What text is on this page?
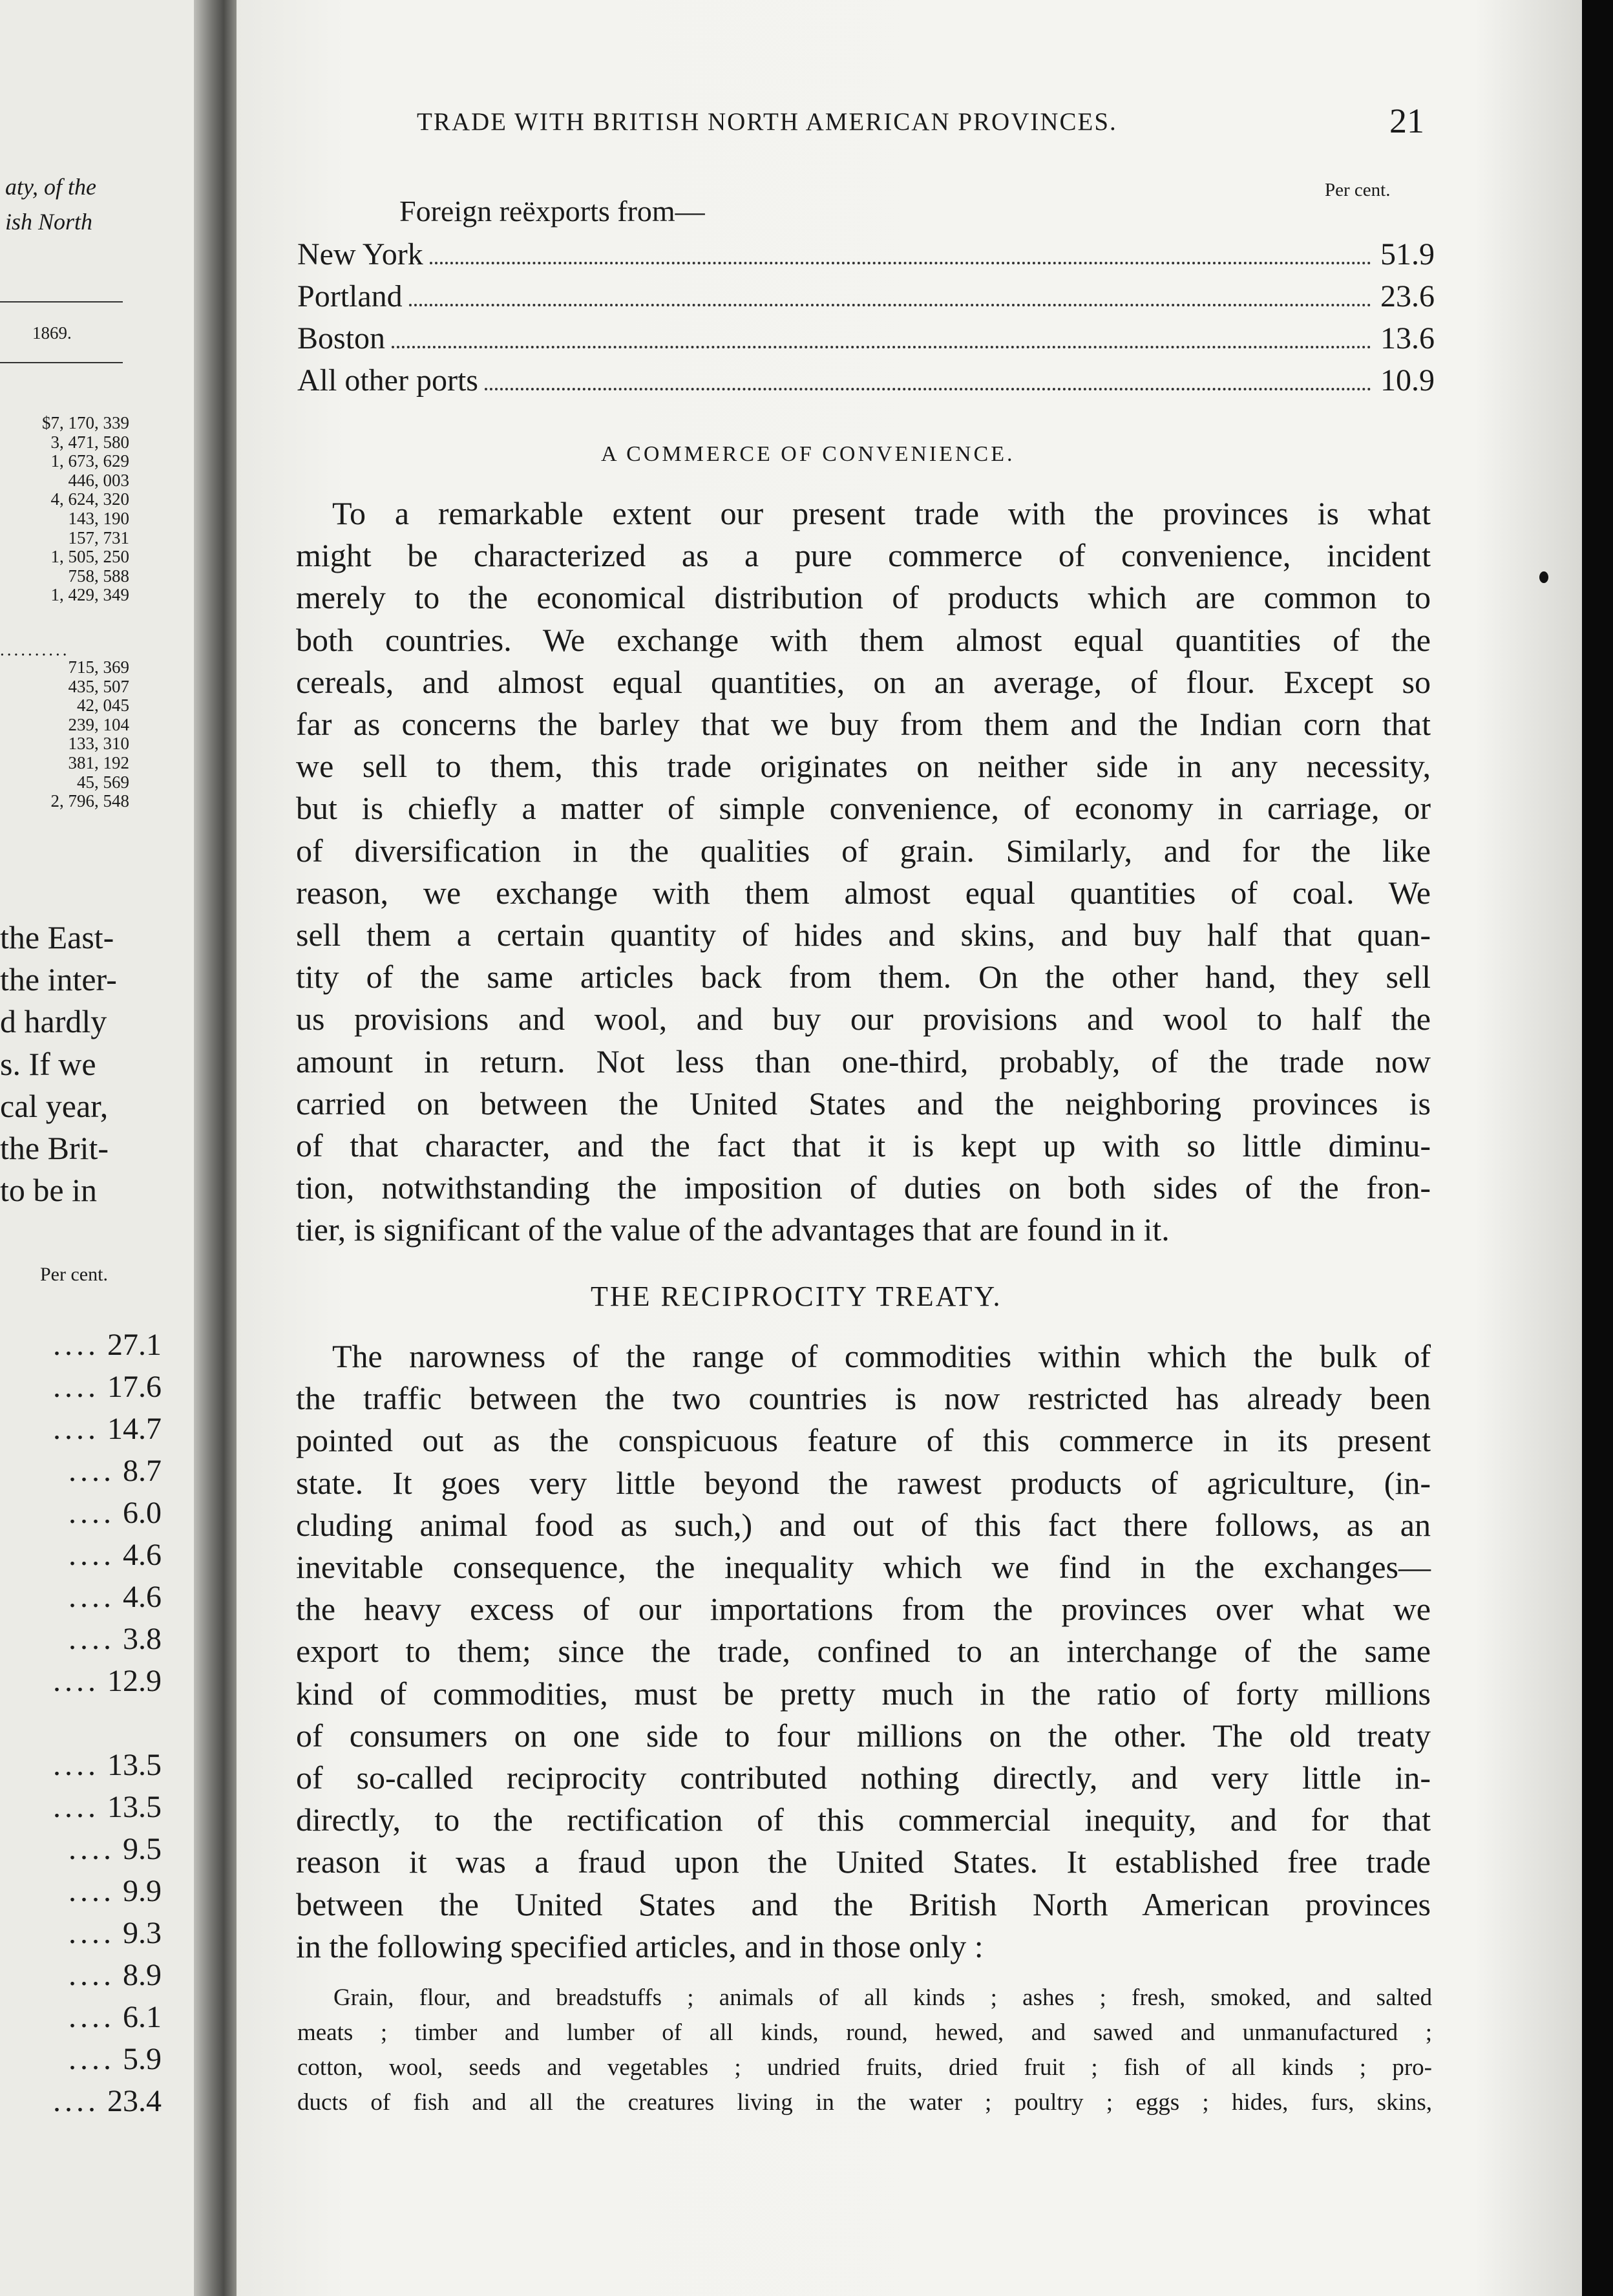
aty, of the
ish North
1869.
$7, 170, 339
3, 471, 580
1, 673, 629
446, 003
4, 624, 320
143, 190
157, 731
1, 505, 250
758, 588
1, 429, 349
..........
715, 369
435, 507
42, 045
239, 104
133, 310
381, 192
45, 569
2, 796, 548
the East-
the inter-
d hardly
s. If we
cal year,
the Brit-
to be in
Per cent.
.... 27.1
.... 17.6
.... 14.7
.... 8.7
.... 6.0
.... 4.6
.... 4.6
.... 3.8
.... 12.9
.... 13.5
.... 13.5
.... 9.5
.... 9.9
.... 9.3
.... 8.9
.... 6.1
.... 5.9
.... 23.4
TRADE WITH BRITISH NORTH AMERICAN PROVINCES.	21
Per cent.
Foreign reëxports from—
New York	51.9
Portland	23.6
Boston	13.6
All other ports	10.9
A COMMERCE OF CONVENIENCE.
To a remarkable extent our present trade with the provinces is what
might be characterized as a pure commerce of convenience, incident
merely to the economical distribution of products which are common to
both countries. We exchange with them almost equal quantities of the
cereals, and almost equal quantities, on an average, of flour. Except so
far as concerns the barley that we buy from them and the Indian corn that
we sell to them, this trade originates on neither side in any necessity,
but is chiefly a matter of simple convenience, of economy in carriage, or
of diversification in the qualities of grain. Similarly, and for the like
reason, we exchange with them almost equal quantities of coal. We
sell them a certain quantity of hides and skins, and buy half that quan-
tity of the same articles back from them. On the other hand, they sell
us provisions and wool, and buy our provisions and wool to half the
amount in return. Not less than one-third, probably, of the trade now
carried on between the United States and the neighboring provinces is
of that character, and the fact that it is kept up with so little diminu-
tion, notwithstanding the imposition of duties on both sides of the fron-
tier, is significant of the value of the advantages that are found in it.
THE RECIPROCITY TREATY.
The narowness of the range of commodities within which the bulk of
the traffic between the two countries is now restricted has already been
pointed out as the conspicuous feature of this commerce in its present
state. It goes very little beyond the rawest products of agriculture, (in-
cluding animal food as such,) and out of this fact there follows, as an
inevitable consequence, the inequality which we find in the exchanges—
the heavy excess of our importations from the provinces over what we
export to them; since the trade, confined to an interchange of the same
kind of commodities, must be pretty much in the ratio of forty millions
of consumers on one side to four millions on the other. The old treaty
of so-called reciprocity contributed nothing directly, and very little in-
directly, to the rectification of this commercial inequity, and for that
reason it was a fraud upon the United States. It established free trade
between the United States and the British North American provinces
in the following specified articles, and in those only :
Grain, flour, and breadstuffs ; animals of all kinds ; ashes ; fresh, smoked, and salted
meats ; timber and lumber of all kinds, round, hewed, and sawed and unmanufactured ;
cotton, wool, seeds and vegetables ; undried fruits, dried fruit ; fish of all kinds ; pro-
ducts of fish and all the creatures living in the water ; poultry ; eggs ; hides, furs, skins,
